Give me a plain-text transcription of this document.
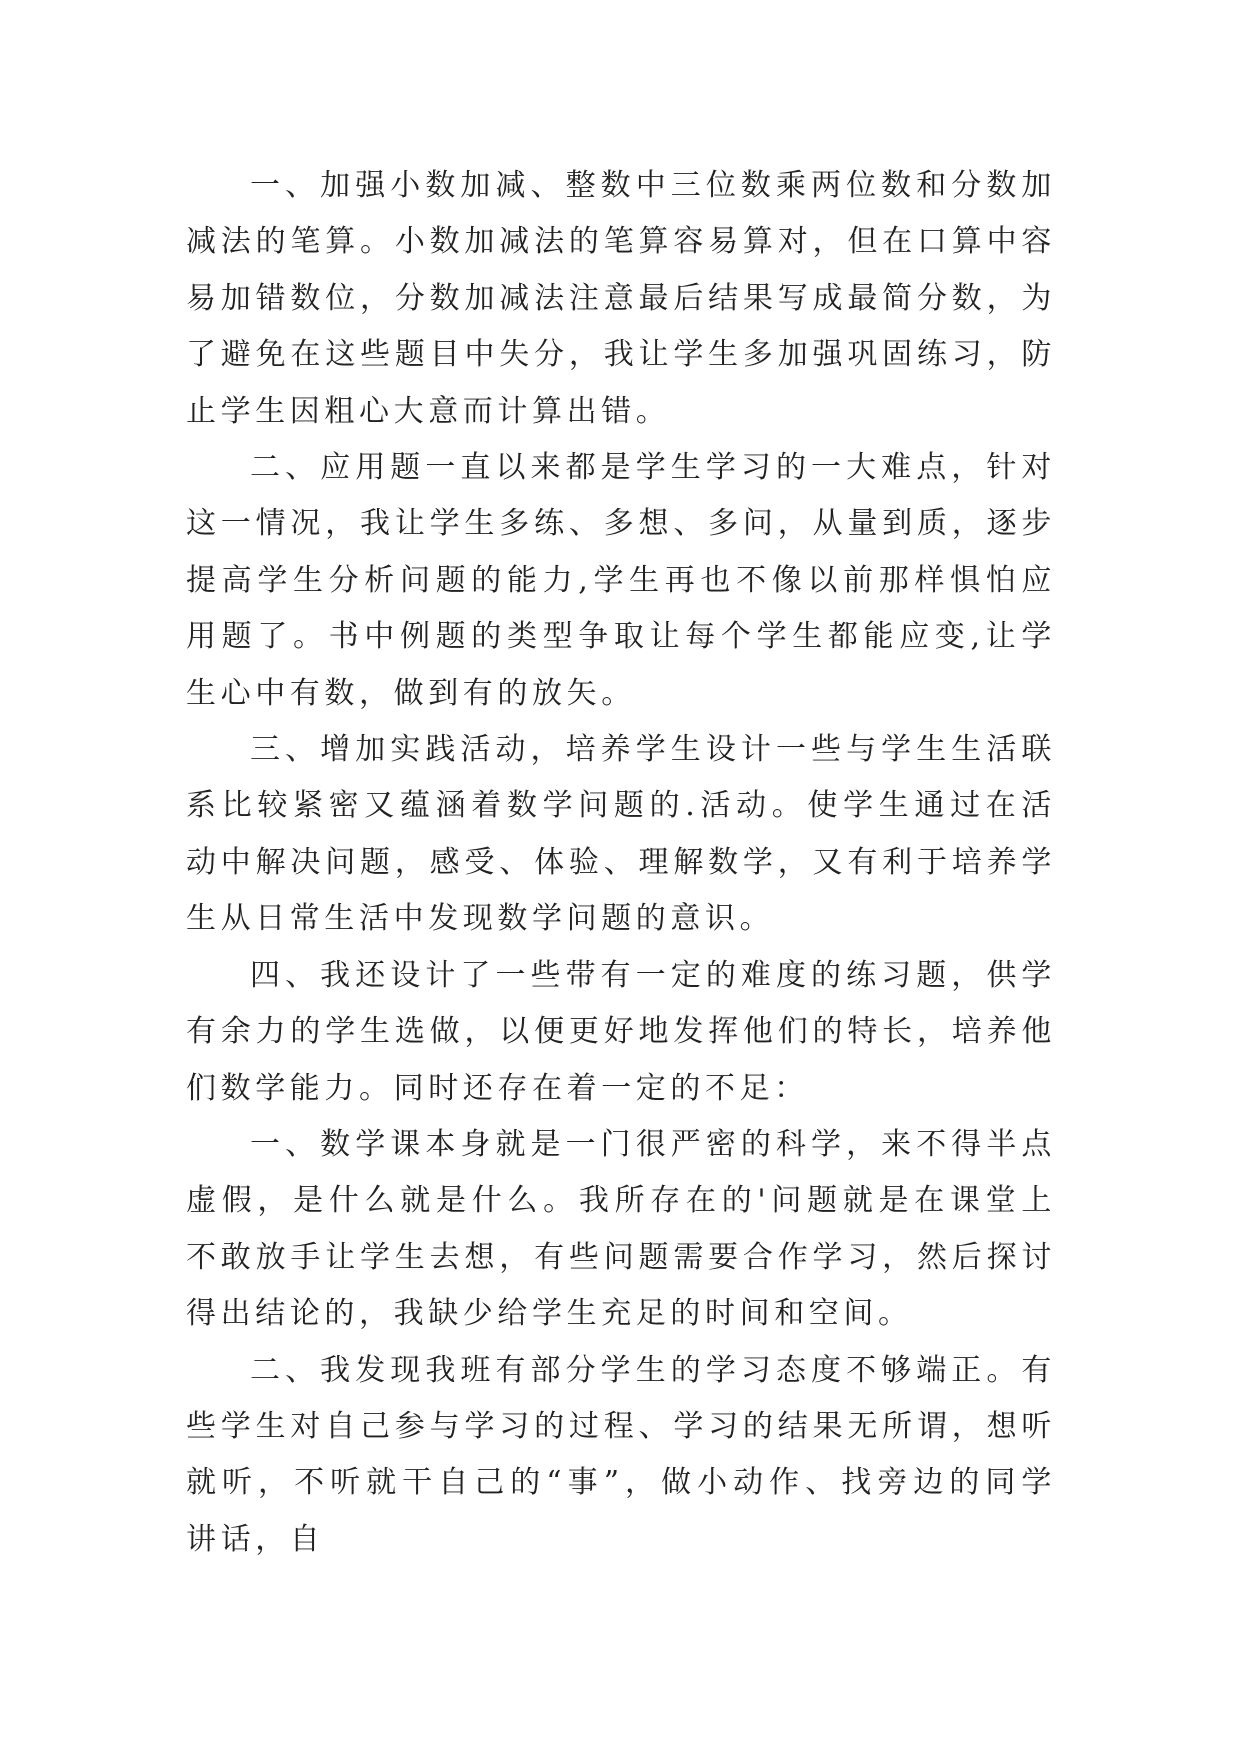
一、加强小数加减、整数中三位数乘两位数和分数加减法的笔算。小数加减法的笔算容易算对，但在口算中容易加错数位，分数加减法注意最后结果写成最简分数，为了避免在这些题目中失分，我让学生多加强巩固练习，防止学生因粗心大意而计算出错。

二、应用题一直以来都是学生学习的一大难点，针对这一情况，我让学生多练、多想、多问，从量到质，逐步提高学生分析问题的能力,学生再也不像以前那样惧怕应用题了。书中例题的类型争取让每个学生都能应变,让学生心中有数，做到有的放矢。

三、增加实践活动，培养学生设计一些与学生生活联系比较紧密又蕴涵着数学问题的.活动。使学生通过在活动中解决问题，感受、体验、理解数学，又有利于培养学生从日常生活中发现数学问题的意识。

四、我还设计了一些带有一定的难度的练习题，供学有余力的学生选做，以便更好地发挥他们的特长，培养他们数学能力。同时还存在着一定的不足：

一、数学课本身就是一门很严密的科学，来不得半点虚假，是什么就是什么。我所存在的'问题就是在课堂上不敢放手让学生去想，有些问题需要合作学习，然后探讨得出结论的，我缺少给学生充足的时间和空间。

二、我发现我班有部分学生的学习态度不够端正。有些学生对自己参与学习的过程、学习的结果无所谓，想听就听，不听就干自己的“事”，做小动作、找旁边的同学讲话，自
